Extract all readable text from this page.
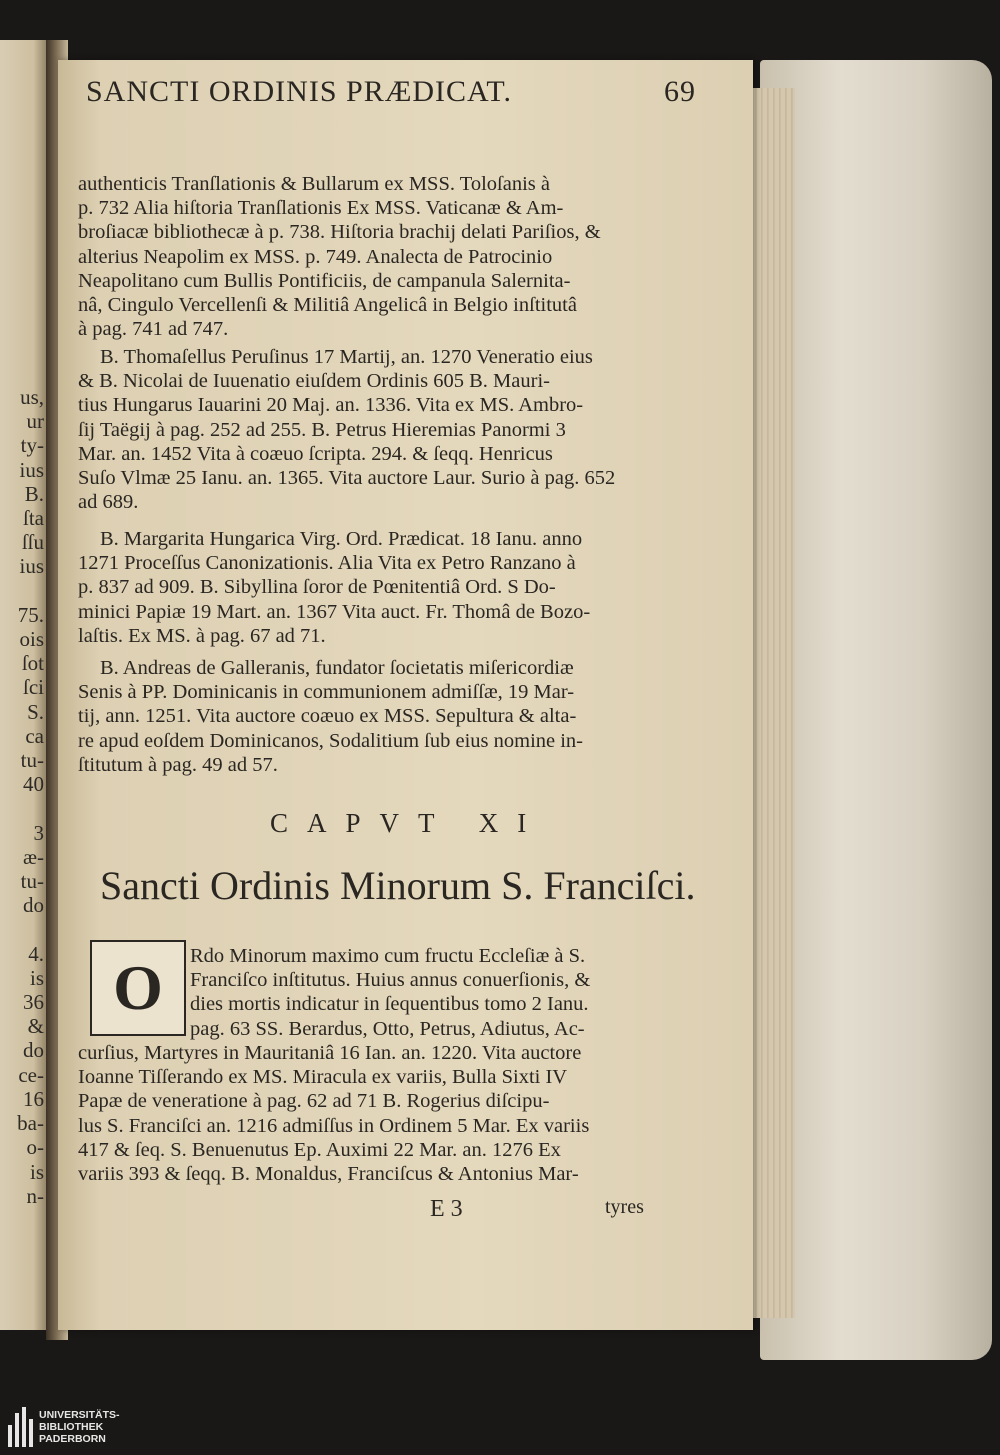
us,
ur
ty-
ius
B.
ſta
ſſu
ius

75.
ois
ſot
ſci
S.
ca
tu-
40

3
æ-
tu-
do

4.
is
36
&
do
ce-
16
ba-
o-
is
n-
SANCTI ORDINIS PRÆDICAT.	69
authenticis Tranſlationis & Bullarum ex MSS. Toloſanis à
p. 732 Alia hiſtoria Tranſlationis Ex MSS. Vaticanæ & Am-
broſiacæ bibliothecæ à p. 738. Hiſtoria brachij delati Pariſios, &
alterius Neapolim ex MSS. p. 749. Analecta de Patrocinio
Neapolitano cum Bullis Pontificiis, de campanula Salernita-
nâ, Cingulo Vercellenſi & Militiâ Angelicâ in Belgio inſtitutâ
à pag. 741 ad 747.
B. Thomaſellus Peruſinus 17 Martij, an. 1270 Veneratio eius
& B. Nicolai de Iuuenatio eiuſdem Ordinis 605 B. Mauri-
tius Hungarus Iauarini 20 Maj. an. 1336. Vita ex MS. Ambro-
ſij Taëgij à pag. 252 ad 255. B. Petrus Hieremias Panormi 3
Mar. an. 1452 Vita à coæuo ſcripta. 294. & ſeqq. Henricus
Suſo Vlmæ 25 Ianu. an. 1365. Vita auctore Laur. Surio à pag. 652
ad 689.
B. Margarita Hungarica Virg. Ord. Prædicat. 18 Ianu. anno
1271 Proceſſus Canonizationis. Alia Vita ex Petro Ranzano à
p. 837 ad 909. B. Sibyllina ſoror de Pœnitentiâ Ord. S Do-
minici Papiæ 19 Mart. an. 1367 Vita auct. Fr. Thomâ de Bozo-
laſtis. Ex MS. à pag. 67 ad 71.
B. Andreas de Galleranis, fundator ſocietatis miſericordiæ
Senis à PP. Dominicanis in communionem admiſſæ, 19 Mar-
tij, ann. 1251. Vita auctore coæuo ex MSS. Sepultura & alta-
re apud eoſdem Dominicanos, Sodalitium ſub eius nomine in-
ſtitutum à pag. 49 ad 57.
CAPVT XI
Sancti Ordinis Minorum S. Franciſci.
O Rdo Minorum maximo cum fructu Eccleſiæ à S.
Franciſco inſtitutus. Huius annus conuerſionis, &
dies mortis indicatur in ſequentibus tomo 2 Ianu.
pag. 63 SS. Berardus, Otto, Petrus, Adiutus, Ac-
curſius, Martyres in Mauritaniâ 16 Ian. an. 1220. Vita auctore
Ioanne Tiſſerando ex MS. Miracula ex variis, Bulla Sixti IV
Papæ de veneratione à pag. 62 ad 71 B. Rogerius diſcipu-
lus S. Franciſci an. 1216 admiſſus in Ordinem 5 Mar. Ex variis
417 & ſeq. S. Benuenutus Ep. Auximi 22 Mar. an. 1276 Ex
variis 393 & ſeqq. B. Monaldus, Franciſcus & Antonius Mar-
E 3	tyres
UNIVERSITÄTS-
BIBLIOTHEK
PADERBORN
